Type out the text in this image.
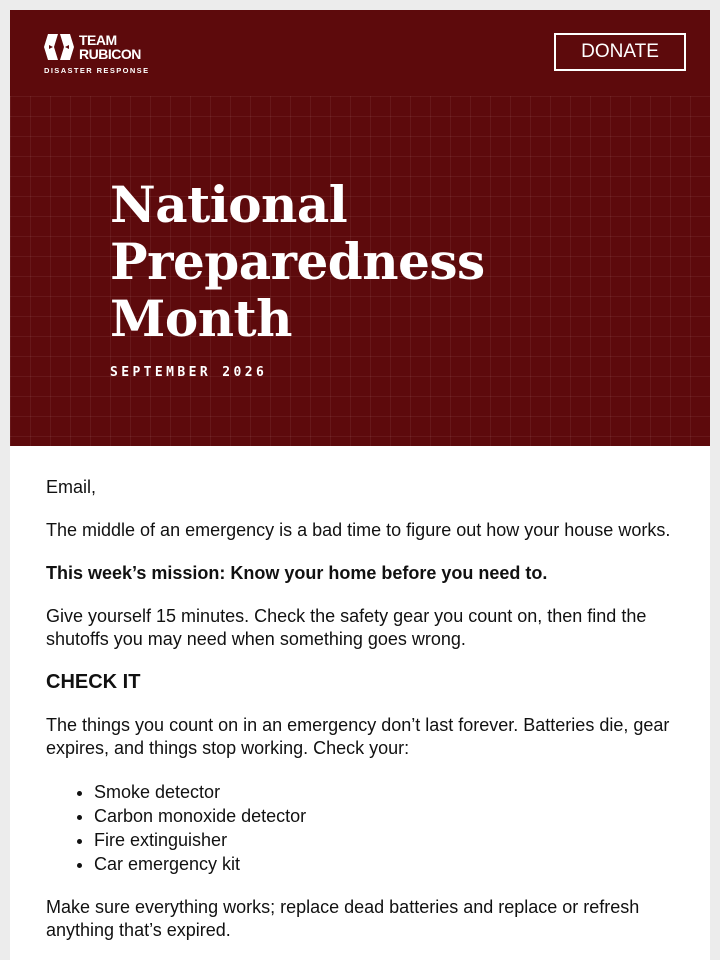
TEAM
RUBICON
DISASTER RESPONSE
DONATE
National
Preparedness
Month
SEPTEMBER 2026

Email,

The middle of an emergency is a bad time to figure out how your house works.

This week’s mission: Know your home before you need to.

Give yourself 15 minutes. Check the safety gear you count on, then find the shutoffs you may need when something goes wrong.

CHECK IT

The things you count on in an emergency don’t last forever. Batteries die, gear expires, and things stop working. Check your:

• Smoke detector
• Carbon monoxide detector
• Fire extinguisher
• Car emergency kit

Make sure everything works; replace dead batteries and replace or refresh anything that’s expired.
